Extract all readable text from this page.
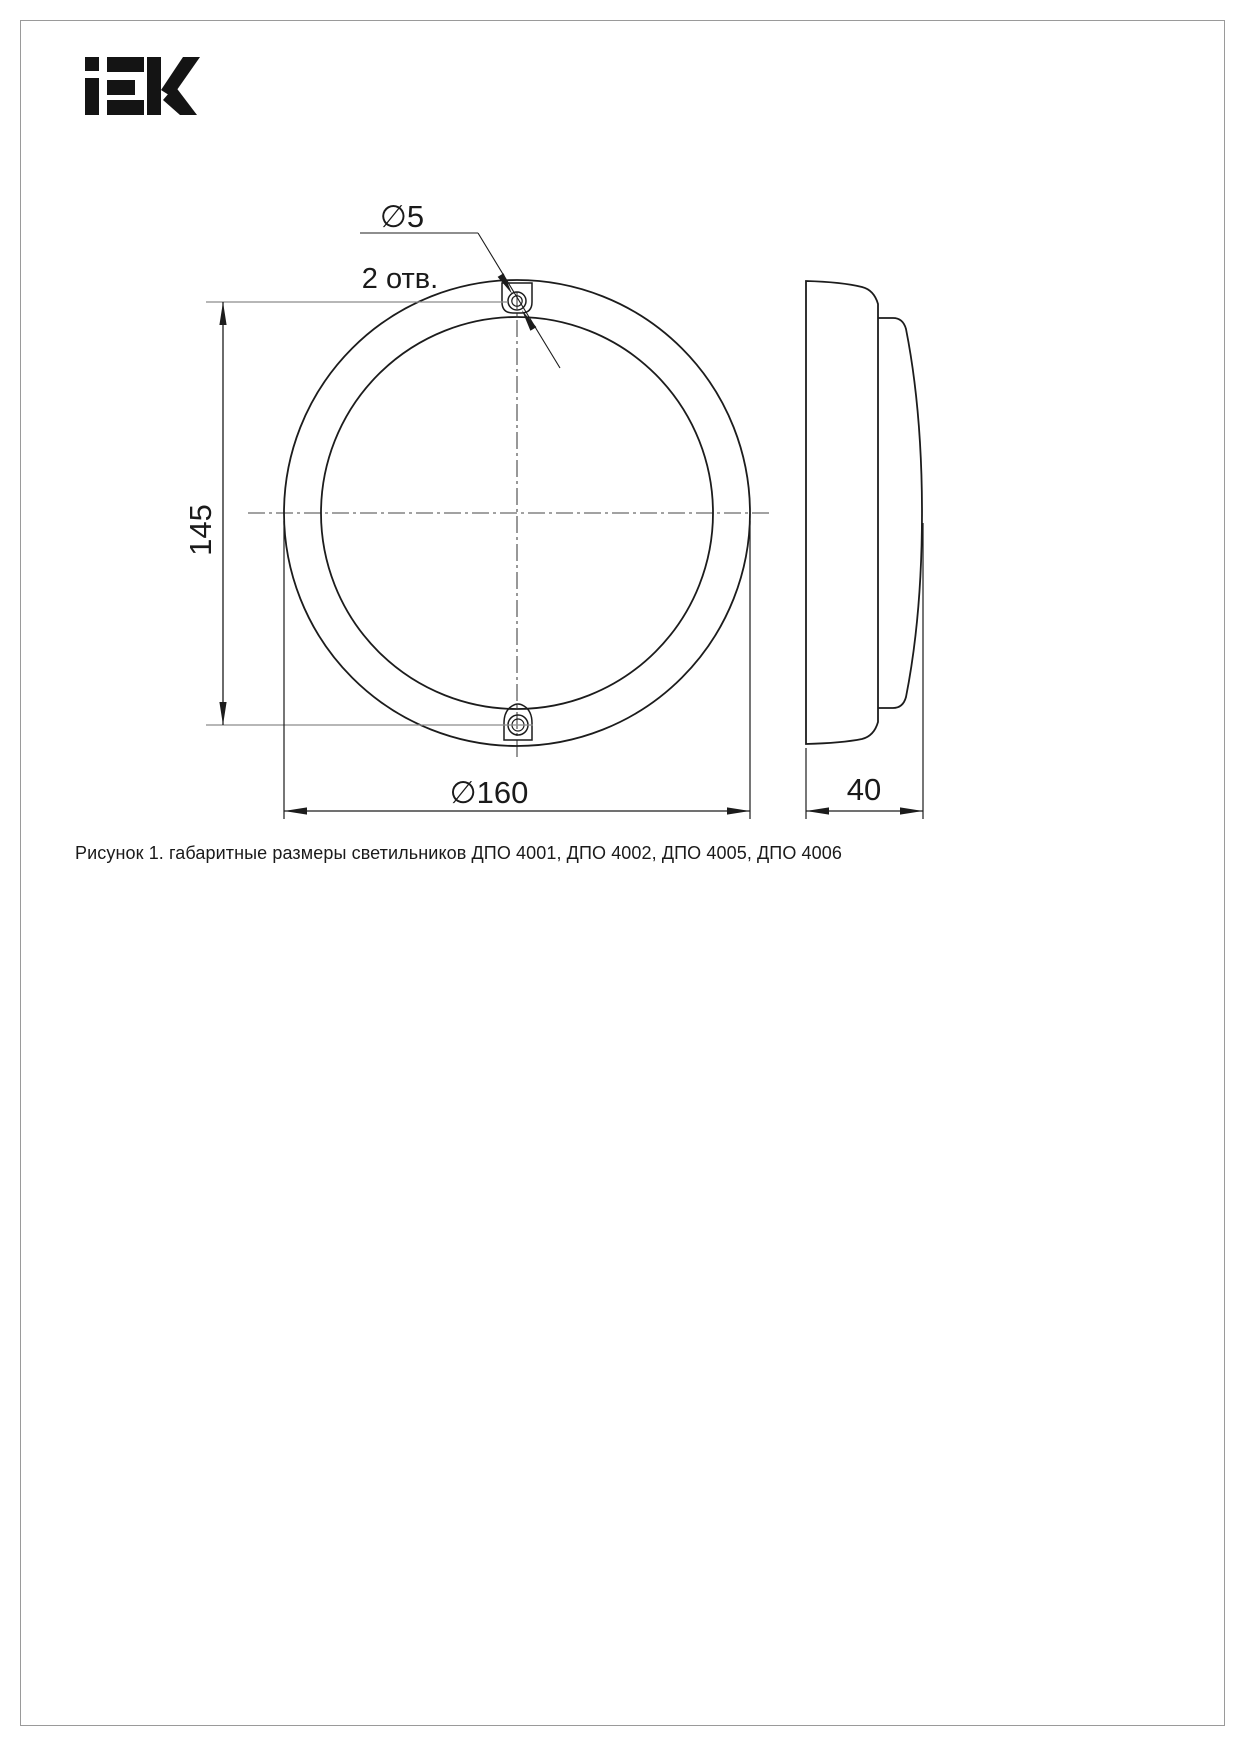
145
∅160
∅5
2 отв.
40
Рисунок 1. габаритные размеры светильников ДПО 4001, ДПО 4002, ДПО 4005, ДПО 4006
